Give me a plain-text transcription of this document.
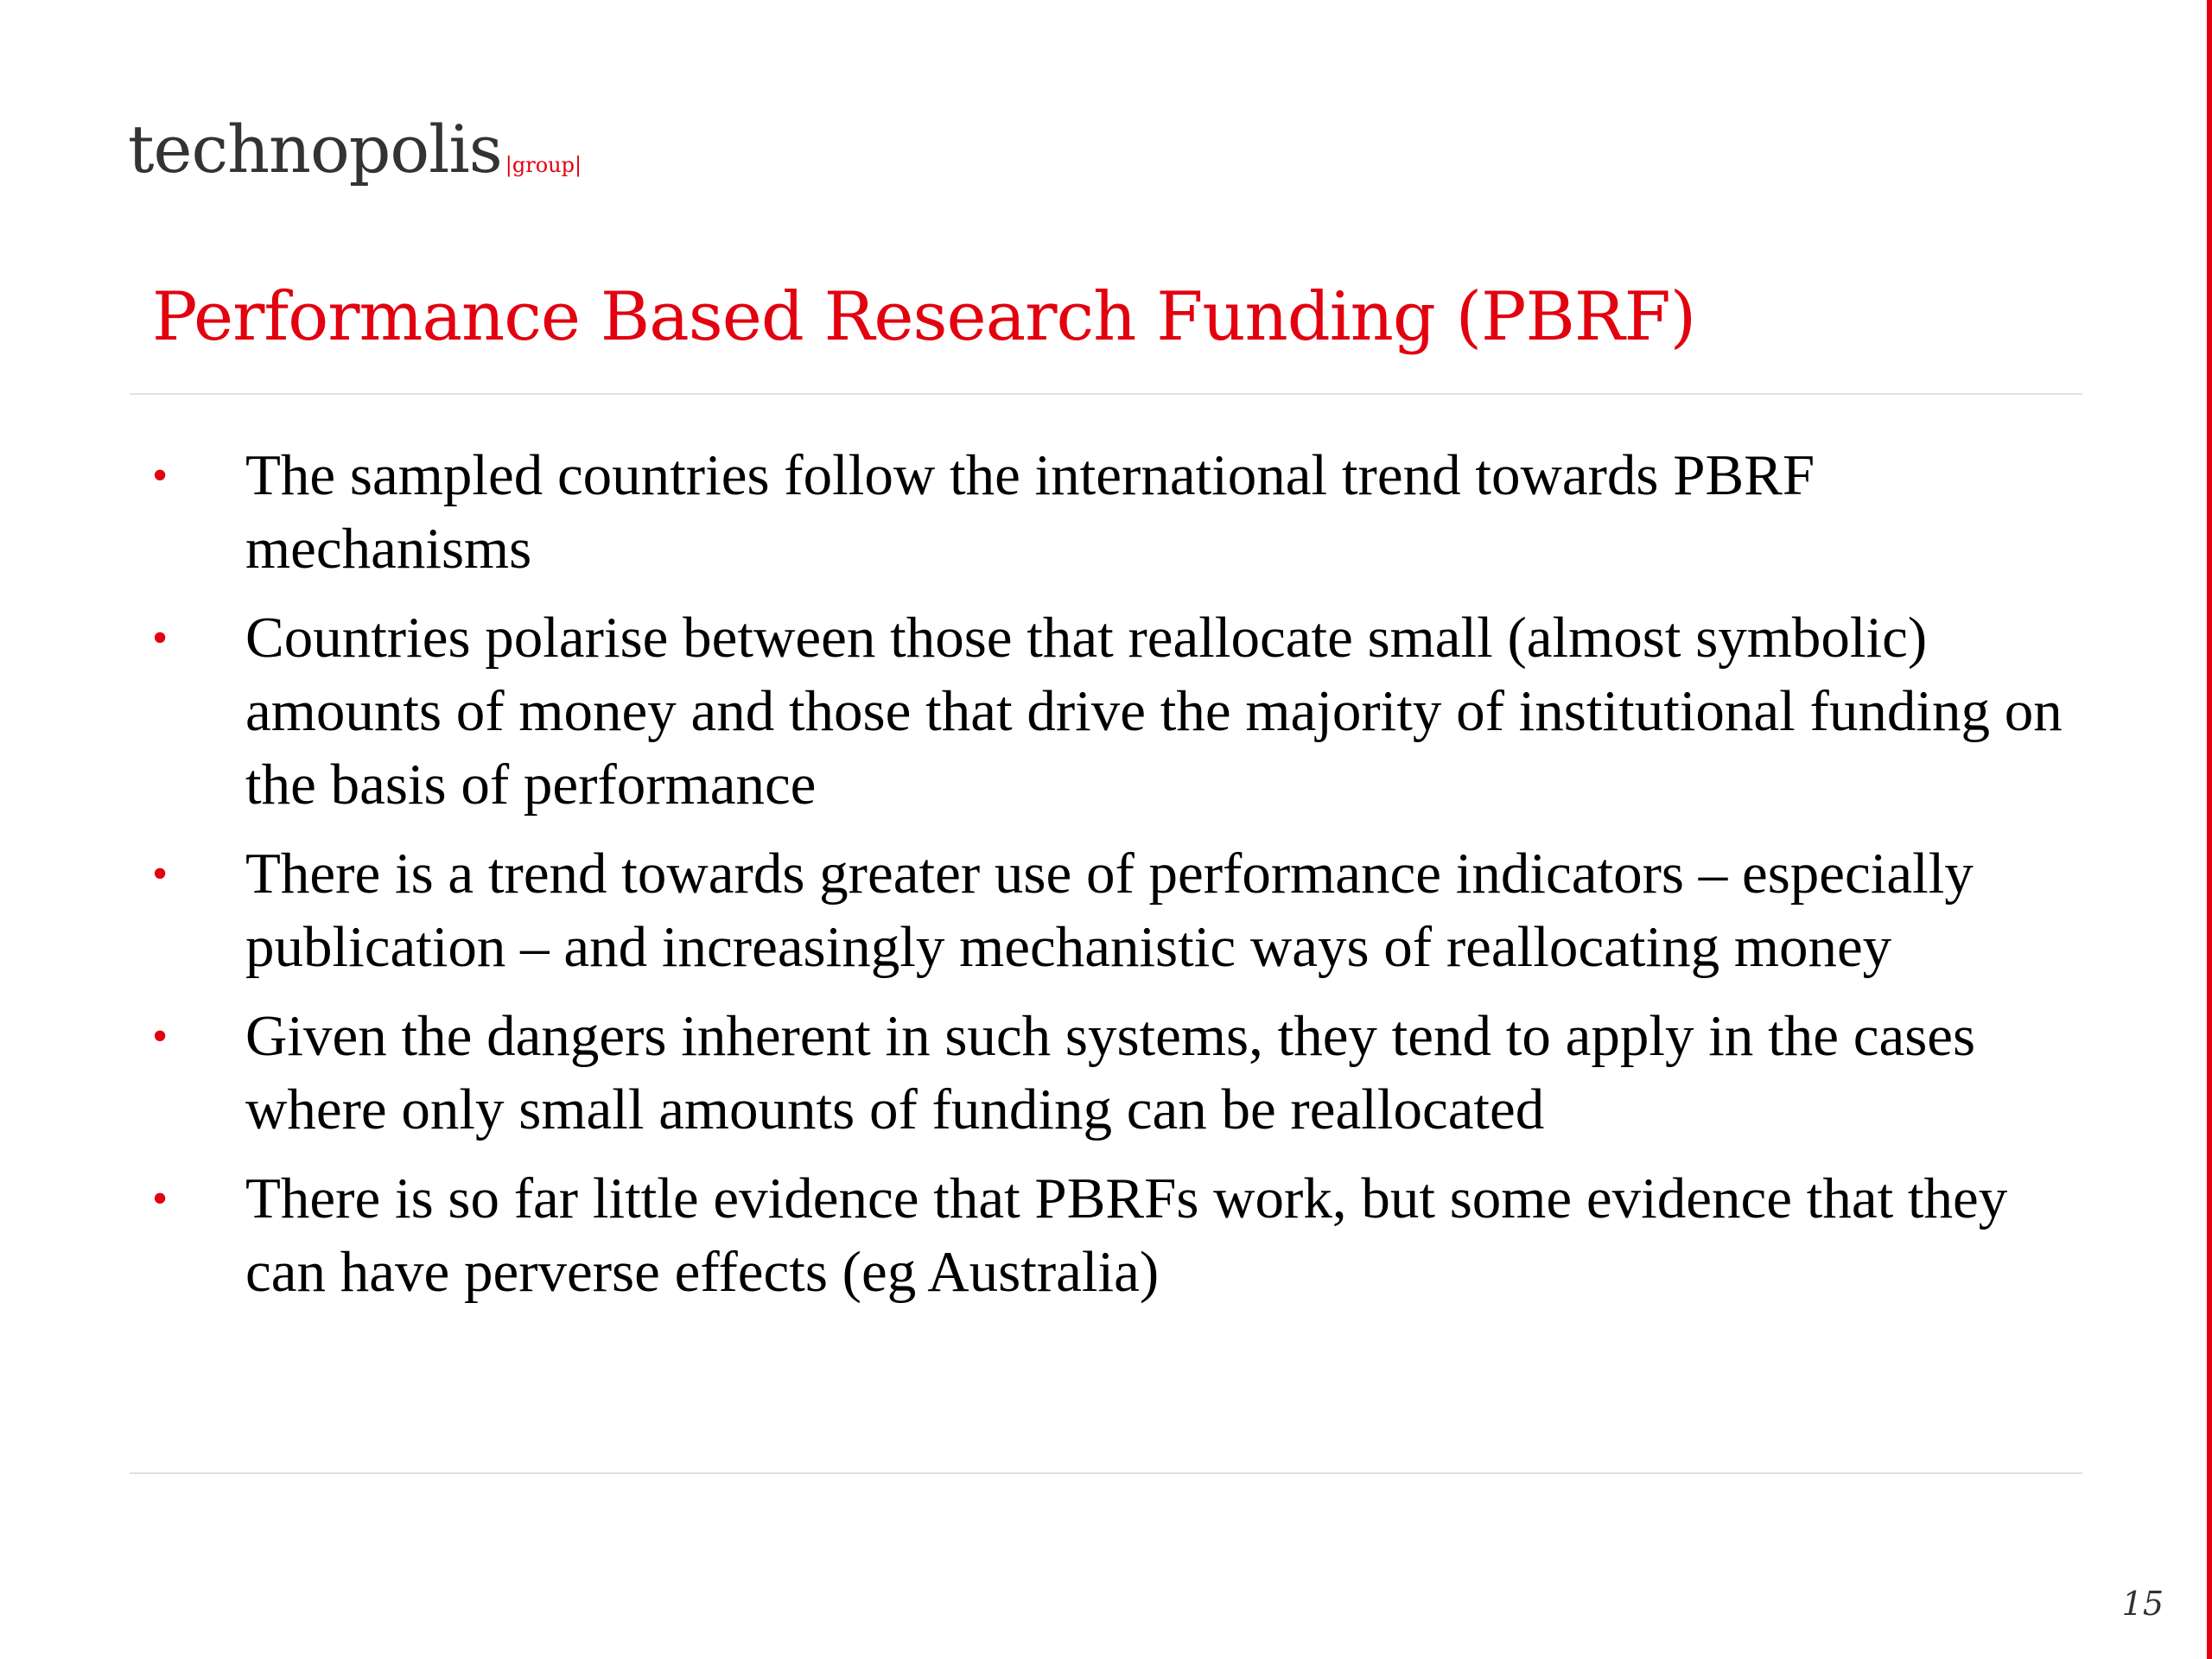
technopolis |group|
Performance Based Research Funding (PBRF)
•	The sampled countries follow the international trend towards PBRF mechanisms
•	Countries polarise between those that reallocate small (almost symbolic) amounts of money and those that drive the majority of institutional funding on the basis of performance
•	There is a trend towards greater use of performance indicators – especially publication – and increasingly mechanistic ways of reallocating money
•	Given the dangers inherent in such systems, they tend to apply in the cases where only small amounts of funding can be reallocated
•	There is so far little evidence that PBRFs work, but some evidence that they can have perverse effects (eg Australia)
15
